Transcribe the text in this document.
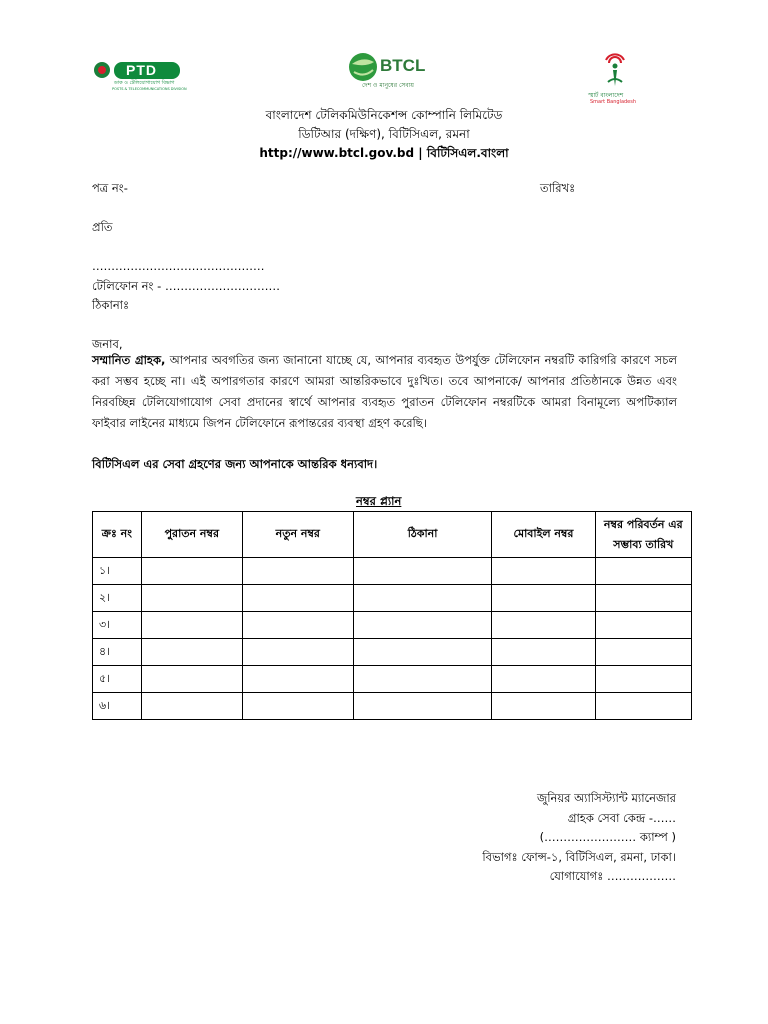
PTD
ডাক ও টেলিযোগাযোগ বিভাগ
POSTS & TELECOMMUNICATIONS DIVISION
BTCL
দেশ ও মানুষের সেবায়
স্মার্ট বাংলাদেশ
Smart Bangladesh
বাংলাদেশ টেলিকমিউনিকেশন্স কোম্পানি লিমিটেড
ডিটিআর (দক্ষিণ), বিটিসিএল, রমনা
http://www.btcl.gov.bd | বিটিসিএল.বাংলা
পত্র নং-	তারিখঃ
প্রতি
………………………………………
টেলিফোন নং - …………………………
ঠিকানাঃ
জনাব,
সম্মানিত গ্রাহক, আপনার অবগতির জন্য জানানো যাচ্ছে যে, আপনার ব্যবহৃত উপর্যুক্ত টেলিফোন নম্বরটি কারিগরি কারণে সচল করা সম্ভব হচ্ছে না। এই অপারগতার কারণে আমরা আন্তরিকভাবে দুঃখিত। তবে আপনাকে/ আপনার প্রতিষ্ঠানকে উন্নত এবং নিরবচ্ছিন্ন টেলিযোগাযোগ সেবা প্রদানের স্বার্থে আপনার ব্যবহৃত পুরাতন টেলিফোন নম্বরটিকে আমরা বিনামূল্যে অপটিক্যাল ফাইবার লাইনের মাধ্যমে জিপন টেলিফোনে রূপান্তরের ব্যবস্থা গ্রহণ করেছি।
বিটিসিএল এর সেবা গ্রহণের জন্য আপনাকে আন্তরিক ধন্যবাদ।
নম্বর প্ল্যান
ক্রঃ নং	পুরাতন নম্বর	নতুন নম্বর	ঠিকানা	মোবাইল নম্বর	নম্বর পরিবর্তন এর সম্ভাব্য তারিখ
১।					
২।					
৩।					
৪।					
৫।					
৬।					
জুনিয়র অ্যাসিস্ট্যান্ট ম্যানেজার
গ্রাহক সেবা কেন্দ্র -……
(…………………… ক্যাম্প )
বিভাগঃ ফোন্স-১, বিটিসিএল, রমনা, ঢাকা।
যোগাযোগঃ ………………
